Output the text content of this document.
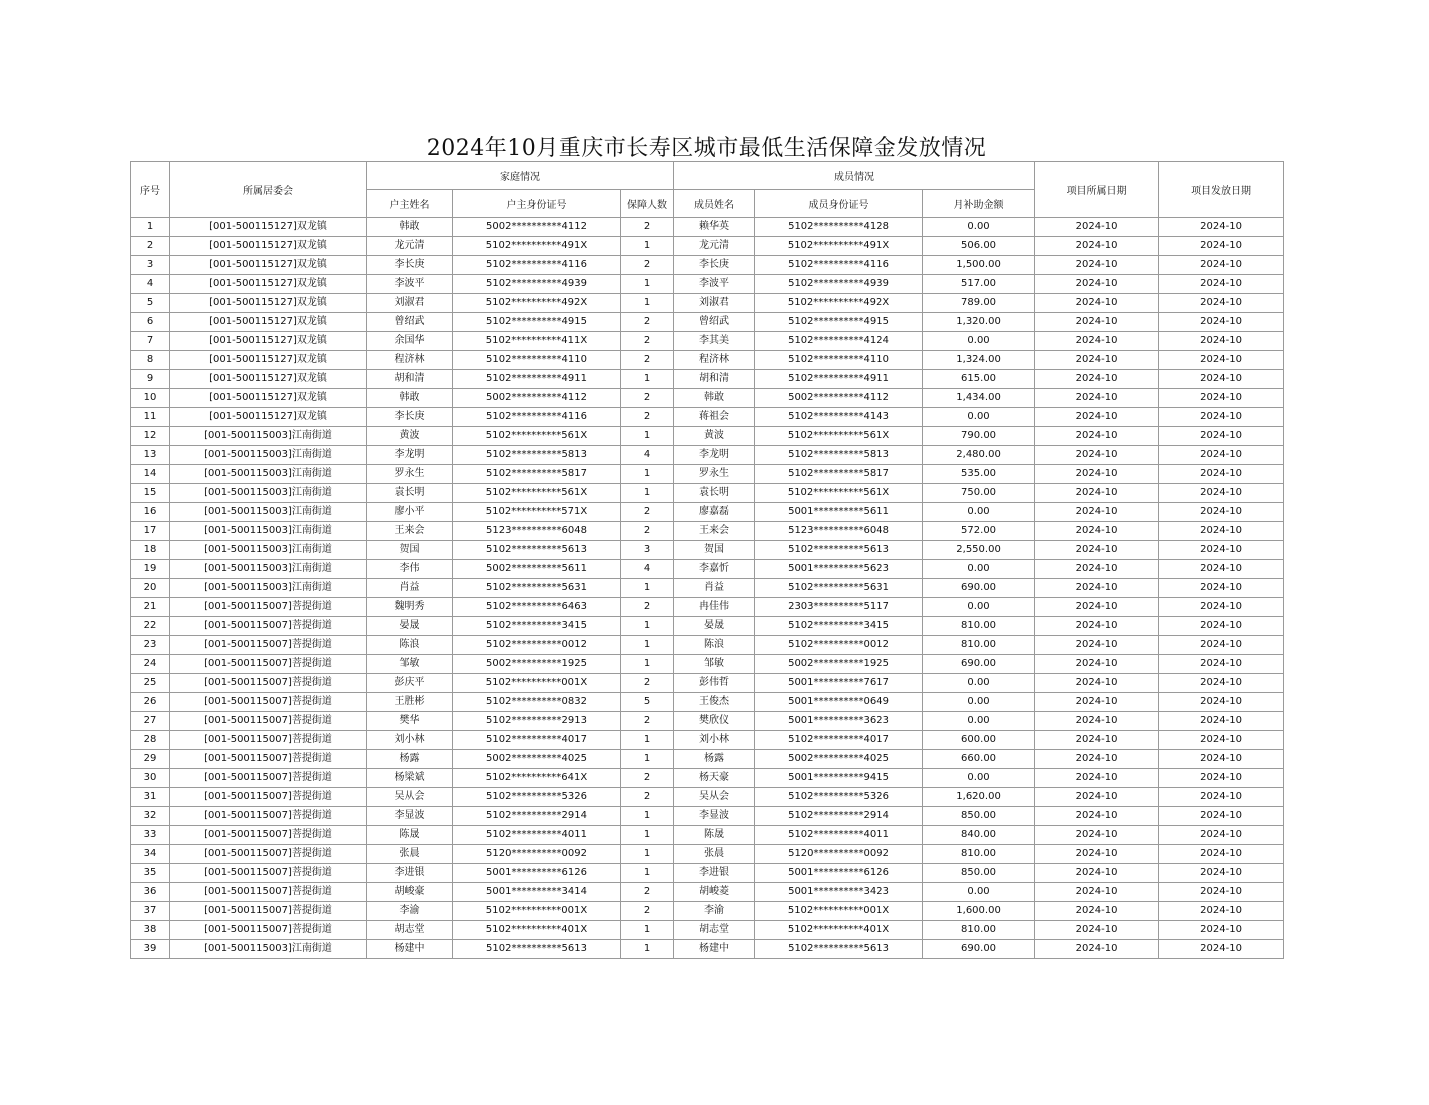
2024年10月重庆市长寿区城市最低生活保障金发放情况
序号	所属居委会	家庭情况			成员情况			项目所属日期	项目发放日期
		户主姓名	户主身份证号	保障人数	成员姓名	成员身份证号	月补助金额		
1	[001-500115127]双龙镇	韩敢	5002**********4112	2	赖华英	5102**********4128	0.00	2024-10	2024-10
2	[001-500115127]双龙镇	龙元清	5102**********491X	1	龙元清	5102**********491X	506.00	2024-10	2024-10
3	[001-500115127]双龙镇	李长庚	5102**********4116	2	李长庚	5102**********4116	1,500.00	2024-10	2024-10
4	[001-500115127]双龙镇	李波平	5102**********4939	1	李波平	5102**********4939	517.00	2024-10	2024-10
5	[001-500115127]双龙镇	刘淑君	5102**********492X	1	刘淑君	5102**********492X	789.00	2024-10	2024-10
6	[001-500115127]双龙镇	曾绍武	5102**********4915	2	曾绍武	5102**********4915	1,320.00	2024-10	2024-10
7	[001-500115127]双龙镇	余国华	5102**********411X	2	李其美	5102**********4124	0.00	2024-10	2024-10
8	[001-500115127]双龙镇	程济林	5102**********4110	2	程济林	5102**********4110	1,324.00	2024-10	2024-10
9	[001-500115127]双龙镇	胡和清	5102**********4911	1	胡和清	5102**********4911	615.00	2024-10	2024-10
10	[001-500115127]双龙镇	韩敢	5002**********4112	2	韩敢	5002**********4112	1,434.00	2024-10	2024-10
11	[001-500115127]双龙镇	李长庚	5102**********4116	2	蒋祖会	5102**********4143	0.00	2024-10	2024-10
12	[001-500115003]江南街道	黄波	5102**********561X	1	黄波	5102**********561X	790.00	2024-10	2024-10
13	[001-500115003]江南街道	李龙明	5102**********5813	4	李龙明	5102**********5813	2,480.00	2024-10	2024-10
14	[001-500115003]江南街道	罗永生	5102**********5817	1	罗永生	5102**********5817	535.00	2024-10	2024-10
15	[001-500115003]江南街道	袁长明	5102**********561X	1	袁长明	5102**********561X	750.00	2024-10	2024-10
16	[001-500115003]江南街道	廖小平	5102**********571X	2	廖嘉磊	5001**********5611	0.00	2024-10	2024-10
17	[001-500115003]江南街道	王来会	5123**********6048	2	王来会	5123**********6048	572.00	2024-10	2024-10
18	[001-500115003]江南街道	贺国	5102**********5613	3	贺国	5102**********5613	2,550.00	2024-10	2024-10
19	[001-500115003]江南街道	李伟	5002**********5611	4	李嘉忻	5001**********5623	0.00	2024-10	2024-10
20	[001-500115003]江南街道	肖益	5102**********5631	1	肖益	5102**********5631	690.00	2024-10	2024-10
21	[001-500115007]菩提街道	魏明秀	5102**********6463	2	冉佳伟	2303**********5117	0.00	2024-10	2024-10
22	[001-500115007]菩提街道	晏晟	5102**********3415	1	晏晟	5102**********3415	810.00	2024-10	2024-10
23	[001-500115007]菩提街道	陈浪	5102**********0012	1	陈浪	5102**********0012	810.00	2024-10	2024-10
24	[001-500115007]菩提街道	邹敏	5002**********1925	1	邹敏	5002**********1925	690.00	2024-10	2024-10
25	[001-500115007]菩提街道	彭庆平	5102**********001X	2	彭伟哲	5001**********7617	0.00	2024-10	2024-10
26	[001-500115007]菩提街道	王胜彬	5102**********0832	5	王俊杰	5001**********0649	0.00	2024-10	2024-10
27	[001-500115007]菩提街道	樊华	5102**********2913	2	樊欣仪	5001**********3623	0.00	2024-10	2024-10
28	[001-500115007]菩提街道	刘小林	5102**********4017	1	刘小林	5102**********4017	600.00	2024-10	2024-10
29	[001-500115007]菩提街道	杨露	5002**********4025	1	杨露	5002**********4025	660.00	2024-10	2024-10
30	[001-500115007]菩提街道	杨梁斌	5102**********641X	2	杨天豪	5001**********9415	0.00	2024-10	2024-10
31	[001-500115007]菩提街道	吴从会	5102**********5326	2	吴从会	5102**********5326	1,620.00	2024-10	2024-10
32	[001-500115007]菩提街道	李显波	5102**********2914	1	李显波	5102**********2914	850.00	2024-10	2024-10
33	[001-500115007]菩提街道	陈晟	5102**********4011	1	陈晟	5102**********4011	840.00	2024-10	2024-10
34	[001-500115007]菩提街道	张晨	5120**********0092	1	张晨	5120**********0092	810.00	2024-10	2024-10
35	[001-500115007]菩提街道	李进银	5001**********6126	1	李进银	5001**********6126	850.00	2024-10	2024-10
36	[001-500115007]菩提街道	胡峻豪	5001**********3414	2	胡峻菱	5001**********3423	0.00	2024-10	2024-10
37	[001-500115007]菩提街道	李渝	5102**********001X	2	李渝	5102**********001X	1,600.00	2024-10	2024-10
38	[001-500115007]菩提街道	胡志堂	5102**********401X	1	胡志堂	5102**********401X	810.00	2024-10	2024-10
39	[001-500115003]江南街道	杨建中	5102**********5613	1	杨建中	5102**********5613	690.00	2024-10	2024-10
